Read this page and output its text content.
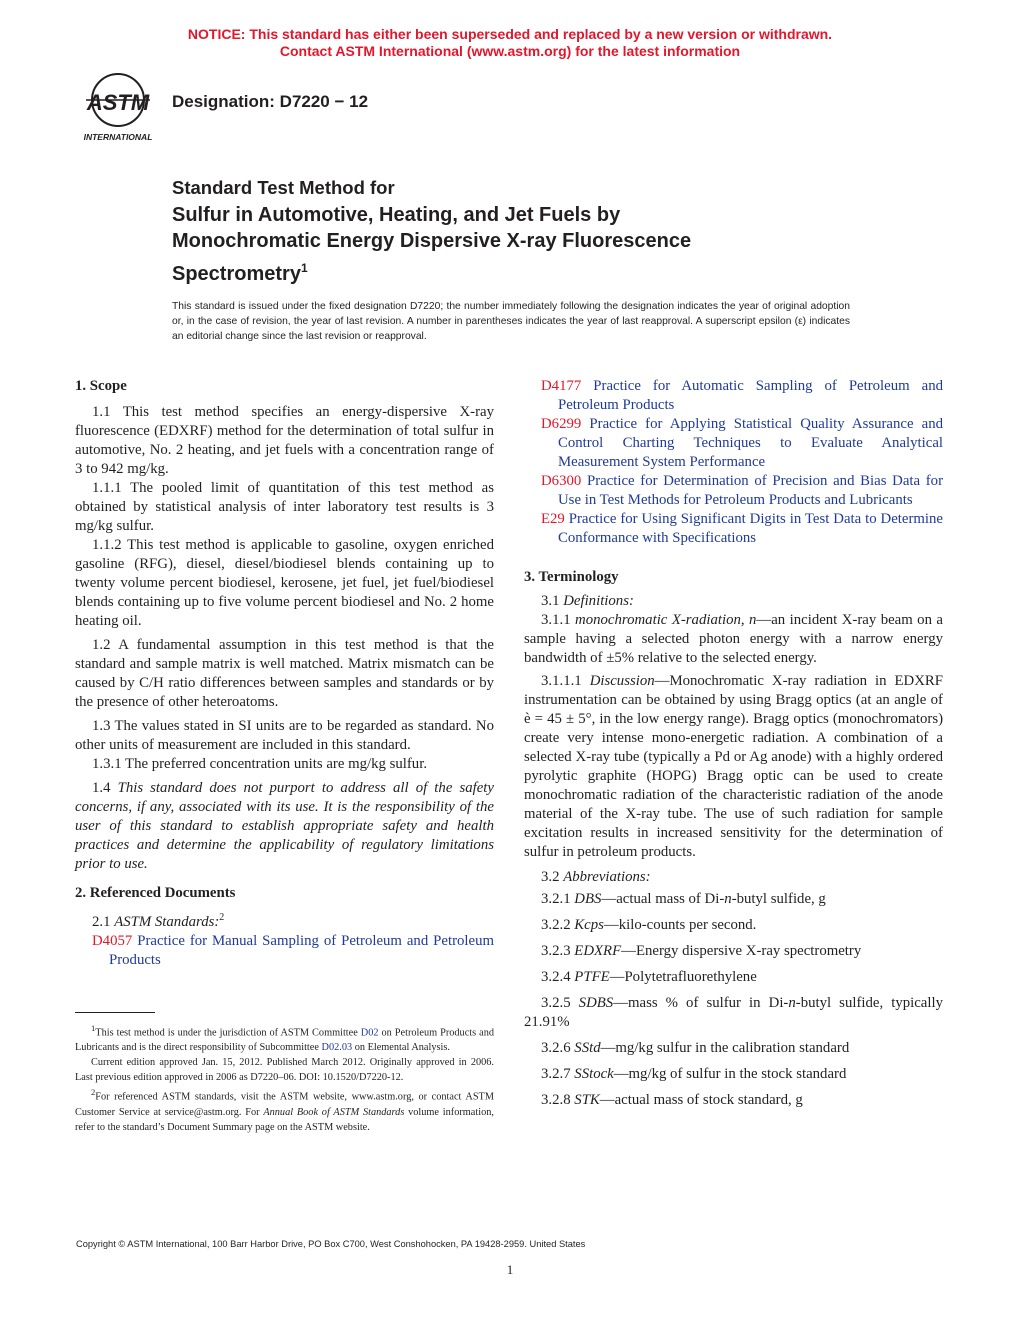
NOTICE: This standard has either been superseded and replaced by a new version or withdrawn.
Contact ASTM International (www.astm.org) for the latest information
ASTM
INTERNATIONAL
Designation: D7220 − 12
Standard Test Method for
Sulfur in Automotive, Heating, and Jet Fuels by
Monochromatic Energy Dispersive X-ray Fluorescence
Spectrometry$^1$
This standard is issued under the fixed designation D7220; the number immediately following the designation indicates the year of original adoption or, in the case of revision, the year of last revision. A number in parentheses indicates the year of last reapproval. A superscript epsilon (ε) indicates an editorial change since the last revision or reapproval.

1. Scope

1.1 This test method specifies an energy-dispersive X-ray fluorescence (EDXRF) method for the determination of total sulfur in automotive, No. 2 heating, and jet fuels with a concentration range of 3 to 942 mg/kg.

1.1.1 The pooled limit of quantitation of this test method as obtained by statistical analysis of inter laboratory test results is 3 mg/kg sulfur.

1.1.2 This test method is applicable to gasoline, oxygen enriched gasoline (RFG), diesel, diesel/biodiesel blends containing up to twenty volume percent biodiesel, kerosene, jet fuel, jet fuel/biodiesel blends containing up to five volume percent biodiesel and No. 2 home heating oil.

1.2 A fundamental assumption in this test method is that the standard and sample matrix is well matched. Matrix mismatch can be caused by C/H ratio differences between samples and standards or by the presence of other heteroatoms.

1.3 The values stated in SI units are to be regarded as standard. No other units of measurement are included in this standard.

1.3.1 The preferred concentration units are mg/kg sulfur.

1.4 This standard does not purport to address all of the safety concerns, if any, associated with its use. It is the responsibility of the user of this standard to establish appropriate safety and health practices and determine the applicability of regulatory limitations prior to use.

2. Referenced Documents

2.1 ASTM Standards:$^2$

D4057 Practice for Manual Sampling of Petroleum and Petroleum Products

$^1$This test method is under the jurisdiction of ASTM Committee D02 on Petroleum Products and Lubricants and is the direct responsibility of Subcommittee D02.03 on Elemental Analysis.

Current edition approved Jan. 15, 2012. Published March 2012. Originally approved in 2006. Last previous edition approved in 2006 as D7220–06. DOI: 10.1520/D7220-12.

$^2$For referenced ASTM standards, visit the ASTM website, www.astm.org, or contact ASTM Customer Service at service@astm.org. For Annual Book of ASTM Standards volume information, refer to the standard’s Document Summary page on the ASTM website.

D4177 Practice for Automatic Sampling of Petroleum and Petroleum Products

D6299 Practice for Applying Statistical Quality Assurance and Control Charting Techniques to Evaluate Analytical Measurement System Performance

D6300 Practice for Determination of Precision and Bias Data for Use in Test Methods for Petroleum Products and Lubricants

E29 Practice for Using Significant Digits in Test Data to Determine Conformance with Specifications

3. Terminology

3.1 Definitions:

3.1.1 monochromatic X-radiation, n—an incident X-ray beam on a sample having a selected photon energy with a narrow energy bandwidth of ±5% relative to the selected energy.

3.1.1.1 Discussion—Monochromatic X-ray radiation in EDXRF instrumentation can be obtained by using Bragg optics (at an angle of è = 45 ± 5°, in the low energy range). Bragg optics (monochromators) create very intense mono-energetic radiation. A combination of a selected X-ray tube (typically a Pd or Ag anode) with a highly ordered pyrolytic graphite (HOPG) Bragg optic can be used to create monochromatic radiation of the characteristic radiation of the anode material of the X-ray tube. The use of such radiation for sample excitation results in increased sensitivity for the determination of sulfur in petroleum products.

3.2 Abbreviations:

3.2.1 DBS—actual mass of Di-n-butyl sulfide, g

3.2.2 Kcps—kilo-counts per second.

3.2.3 EDXRF—Energy dispersive X-ray spectrometry

3.2.4 PTFE—Polytetrafluorethylene

3.2.5 SDBS—mass % of sulfur in Di-n-butyl sulfide, typically 21.91%

3.2.6 SStd—mg/kg sulfur in the calibration standard

3.2.7 SStock—mg/kg of sulfur in the stock standard

3.2.8 STK—actual mass of stock standard, g

Copyright © ASTM International, 100 Barr Harbor Drive, PO Box C700, West Conshohocken, PA 19428-2959. United States
1
